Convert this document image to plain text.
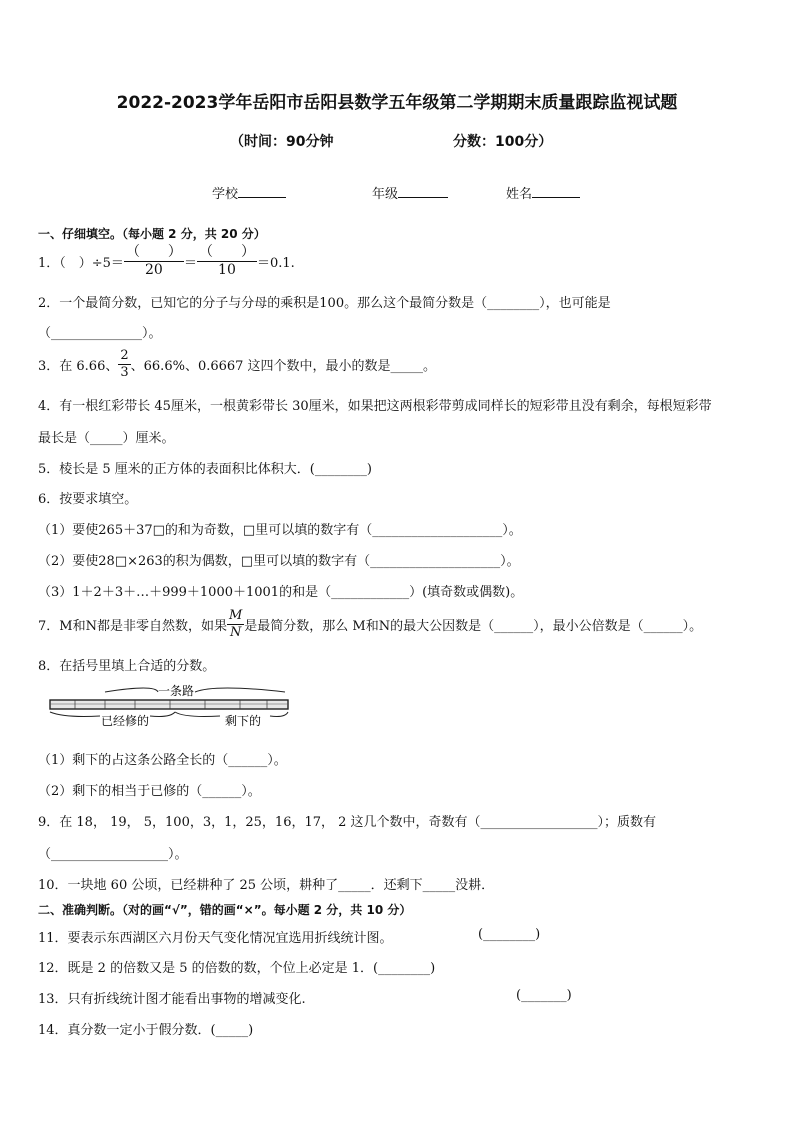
2022-2023学年岳阳市岳阳县数学五年级第二学期期末质量跟踪监视试题
（时间：90分钟	分数：100分）
学校	年级	姓名
一、仔细填空。（每小题 2 分，共 20 分）
1．（　）$\div 5= \frac{( )}{20} = \frac{( )}{10} =0.1$.
2．一个最简分数，已知它的分子与分母的乘积是100。那么这个最简分数是（________），也可能是
（______________）。
3．在 6.66、 $\frac{2}{3}$ 、66.6%、0.6667 这四个数中，最小的数是_____。
4．有一根红彩带长 45厘米，一根黄彩带长 30厘米，如果把这两根彩带剪成同样长的短彩带且没有剩余，每根短彩带
最长是（_____）厘米。
5．棱长是 5 厘米的正方体的表面积比体积大．(________)
6．按要求填空。
（1）要使265＋37□的和为奇数，□里可以填的数字有（____________________）。
（2）要使28□×263的积为偶数，□里可以填的数字有（____________________）。
（3）1＋2＋3＋…＋999＋1000＋1001的和是（____________）(填奇数或偶数)。
7．M和N都是非零自然数，如果 $\frac{M}{N}$ 是最简分数，那么 M和N的最大公因数是（______），最小公倍数是（______）。
8．在括号里填上合适的分数。
一条路
已经修的	剩下的
（1）剩下的占这条公路全长的（______）。
（2）剩下的相当于已修的（______）。
9．在 18， 19， 5，100，3，1，25，16，17， 2 这几个数中，奇数有（__________________）；质数有
（__________________）。
10．一块地 60 公顷，已经耕种了 25 公顷，耕种了_____．还剩下_____没耕．
二、准确判断。（对的画“√”，错的画“×”。每小题 2 分，共 10 分）
11．要表示东西湖区六月份天气变化情况宜选用折线统计图。	(________)
12．既是 2 的倍数又是 5 的倍数的数，个位上必定是 1．(________)
13．只有折线统计图才能看出事物的增减变化.	(_______)
14．真分数一定小于假分数．(_____)
